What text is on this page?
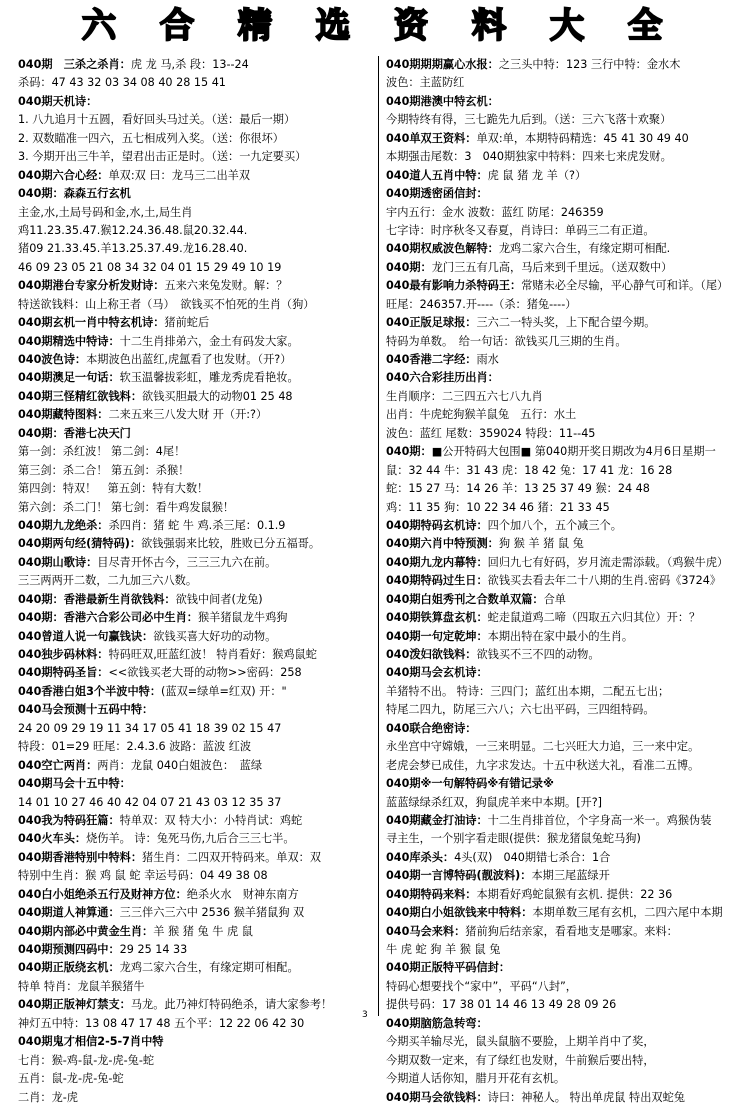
六 合 精 选 资 料 大 全
040期　三杀之杀肖：虎 龙 马,杀 段：13--24
杀码：47 43 32 03 34 08 40 28 15 41
040期天机诗：
1. 八九追月十五圆，看好回头马过关。（送：最后一期）
2. 双数瞄准一四六，五七相成列入奖。（送：你很坏）
3. 今期开出三牛羊，望君出击正是时。（送：一九定要买）
040期六合心经：单双:双 曰：龙马三二出羊双
040期：森森五行玄机
主金,水,土局号码和金,水,土,局生肖
鸡11.23.35.47.猴12.24.36.48.鼠20.32.44.
猪09 21.33.45.羊13.25.37.49.龙16.28.40.
46 09 23 05 21 08 34 32 04 01 15 29 49 10 19
040期港台专家分析发财诗：五来六来兔发财。解：？
特送欲钱料：山上称王者（马）　欲钱买不怕死的生肖（狗）
040期玄机一肖中特玄机诗：猪前蛇后
040期精选中特诗：十二生肖排弟六，金土有码发大家。
040波色诗：本期波色出蓝红,虎氲看了也发财。（开?）
040期澳足一句话：软玉温馨拔彩虹，雕龙秀虎看艳妆。
040期三怪精红欲钱料：欲钱买胆最大的动物01 25 48
040期藏特图料：二来五来三八发大财 开（开:?）
040期：香港七决天门
第一剑：杀红波！ 第二剑：4尾！
第三剑：杀二合！ 第五剑：杀猴！
第四剑：特双！　第五剑：特有大数！
第六剑：杀二门！ 第七剑：看牛鸡发鼠猴！
040期九龙绝杀：杀四肖：猪 蛇 牛 鸡.杀三尾：0.1.9
040期两句经(猜特码)：欲钱强弱来比较，胜败已分五福哥。
040期山歌诗：目尽青开怀古今，三三三九六在前。
三三两两开二数，二九加三六八数。
040期：香港最新生肖欲钱料：欲钱中间者(龙兔)
040期：香港六合彩公司必中生肖：猴羊猪鼠龙牛鸡狗
040曾道人说一句赢钱诀：欲钱买喜大好功的动物。
040独步码林料：特码旺双,旺蓝红波！ 特肖看好：猴鸡鼠蛇
040期特码圣旨：<<欲钱买老大哥的动物>>密码：258
040香港白姐3个半波中特：(蓝双=绿单=红双) 开："
040马会预测十五码中特：
24 20 09 29 19 11 34 17 05 41 18 39 02 15 47
特段：01=29 旺尾：2.4.3.6 波路：蓝波 红波
040空亡两肖：两肖：龙鼠 040白姐波色：　蓝绿
040期马会十五中特：
14 01 10 27 46 40 42 04 07 21 43 03 12 35 37
040我为特码狂篇：特单双：双 特大小：小特肖试：鸡蛇
040火车头：烧伤羊。 诗：兔死马伤,九后合三三七半。
040期香港特别中特料：猪生肖：二四双开特码来。单双：双
特别中生肖：猴 鸡 鼠 蛇 幸运号码：04 49 38 08
040白小姐绝杀五行及财神方位：绝杀火水　财神东南方
040期道人神算通：三三伴六三六中 2536 猴羊猪鼠狗 双
040期内部必中黄金生肖：羊 猴 猪 兔 牛 虎 鼠
040期预测四码中：29 25 14 33
040期正版绕玄机：龙鸡二家六合生，有缘定期可相配。
特单 特肖：龙鼠羊猴猪牛
040期正版神灯禁支：马龙。此乃神灯特码绝杀，请大家参考！
神灯五中特：13 08 47 17 48 五个平：12 22 06 42 30
040期鬼才相信2-5-7肖中特
七肖：猴-鸡-鼠-龙-虎-兔-蛇
五肖：鼠-龙-虎-兔-蛇
二肖：龙-虎
040期期期赢心水报：之三头中特：123 三行中特：金水木
波色：主蓝防红
040期港澳中特玄机：
今期特终有得，三七跪先九后到。（送：三六飞落十欢聚）
040单双王资料：单双:单，本期特码精选：45 41 30 49 40
本期强击尾数：3　040期独家中特料：四来七来虎发财。
040道人五肖中特：虎 鼠 猪 龙 羊（?）
040期透密函信封：
宇内五行：金水 波数：蓝红 防尾：246359
七字诗：时序秋冬又春夏，肖诗曰：单码三二有正道。
040期权威波色解特：龙鸡二家六合生，有缘定期可相配.
040期：龙门三五有几高，马后来到千里远。（送双数中）
040最有影响力杀特码王：常赌未必全尽输，平心静气可和详。（尾）
旺尾：246357.开----（杀：猪兔----）
040正版足球报：三六二一特头奖，上下配合望今期。
特码为单数。　给一句话：欲钱买几三期的生肖。
040香港二字经：雨水
040六合彩挂历出肖：
生肖顺序：二三四五六七八九肖
出肖：牛虎蛇狗猴羊鼠兔　五行：水土
波色：蓝红 尾数：359024 特段：11--45
040期：■公开特码大包围■ 第040期开奖日期改为4月6日星期一
鼠：32 44 牛：31 43 虎：18 42 兔：17 41 龙：16 28
蛇：15 27 马：14 26 羊：13 25 37 49 猴：24 48
鸡：11 35 狗：10 22 34 46 猪：21 33 45
040期特码玄机诗：四个加八个，五个减三个。
040期六肖中特预测：狗 猴 羊 猪 鼠 兔
040期九龙内幕特：回归九七有好码，岁月流走需添载。（鸡猴牛虎）
040期特码过生日：欲钱买去看去年二十八期的生肖.密码《3724》
040期白姐秀刊之合数单双篇：合单
040期铁算盘玄机：蛇走鼠道鸡二啼（四取五六归其位）开：？
040期一句定乾坤：本期出特在家中最小的生肖。
040泼妇欲钱料：欲钱买不三不四的动物。
040期马会玄机诗：
羊猪特不出。 特诗：三四门；蓝红出本期，二配五七出；
特尾二四九，防尾三六八；六七出平码，三四组特码。
040联合绝密诗：
永坐宫中守嫦娥，一三来明显。二七兴旺大力追，三一来中定。
老虎会梦已成佳，九字求发达。十五中秋送大礼，看准二五博。
040期※一句解特码※有错记录※
蓝蓝绿绿杀红双，狗鼠虎羊来中本期。[开?]
040期藏金打油诗：十二生肖排首位，个字身高一米一。鸡猴伪装
寻主生，一个别字看走眼(提供：猴龙猪鼠兔蛇马狗)
040库杀头：4头(双)　040期错七杀合：1合
040期一言博特码(靓波料)：本期三尾蓝绿开
040期特码来料：本期看好鸡蛇鼠猴有玄机. 提供：22 36
040期白小姐欲钱来中特料：本期单数三尾有玄机，二四六尾中本期
040马会来料：猪前狗后结亲家，看看地支是哪家。来料：
牛 虎 蛇 狗 羊 猴 鼠 兔
040期正版特平码信封：
特码心想要找个“家中”，平码“八封”，
提供号码：17 38 01 14 46 13 49 28 09 26
040期脑筋急转弯：
今期买羊输尽光，鼠头鼠脑不要脸，上期羊肖中了奖，
今期双数一定来，有了绿红也发财，牛前猴后要出特，
今期道人话你知，腊月开花有玄机。
040期马会欲钱料：诗曰：神秘人。 特出单虎鼠 特出双蛇兔
3
